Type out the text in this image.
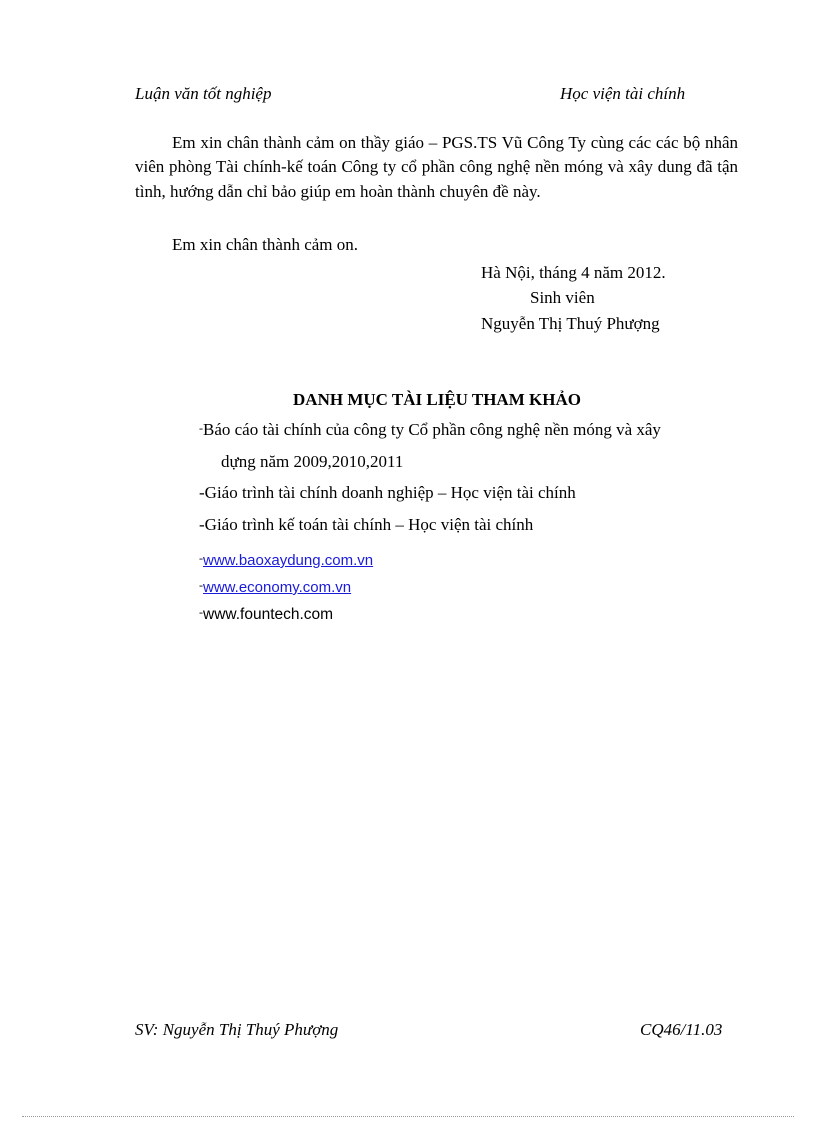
Luận văn tốt nghiệp	Học viện tài chính

Em xin chân thành cảm on thầy giáo – PGS.TS Vũ Công Ty cùng các các bộ nhân viên phòng Tài chính-kế toán Công ty cổ phần công nghệ nền móng và xây dung đã tận tình, hướng dẫn chỉ bảo giúp em hoàn thành chuyên đề này.

Em xin chân thành cảm on.
Hà Nội, tháng 4 năm 2012.
Sinh viên
Nguyễn Thị Thuý Phượng
DANH MỤC TÀI LIỆU THAM KHẢO
-Báo cáo tài chính của công ty Cổ phần công nghệ nền móng và xây
dựng năm 2009,2010,2011
-Giáo trình tài chính doanh nghiệp – Học viện tài chính
-Giáo trình kế toán tài chính – Học viện tài chính
-www.baoxaydung.com.vn
-www.economy.com.vn
-www.fountech.com
SV: Nguyễn Thị Thuý Phượng	CQ46/11.03
